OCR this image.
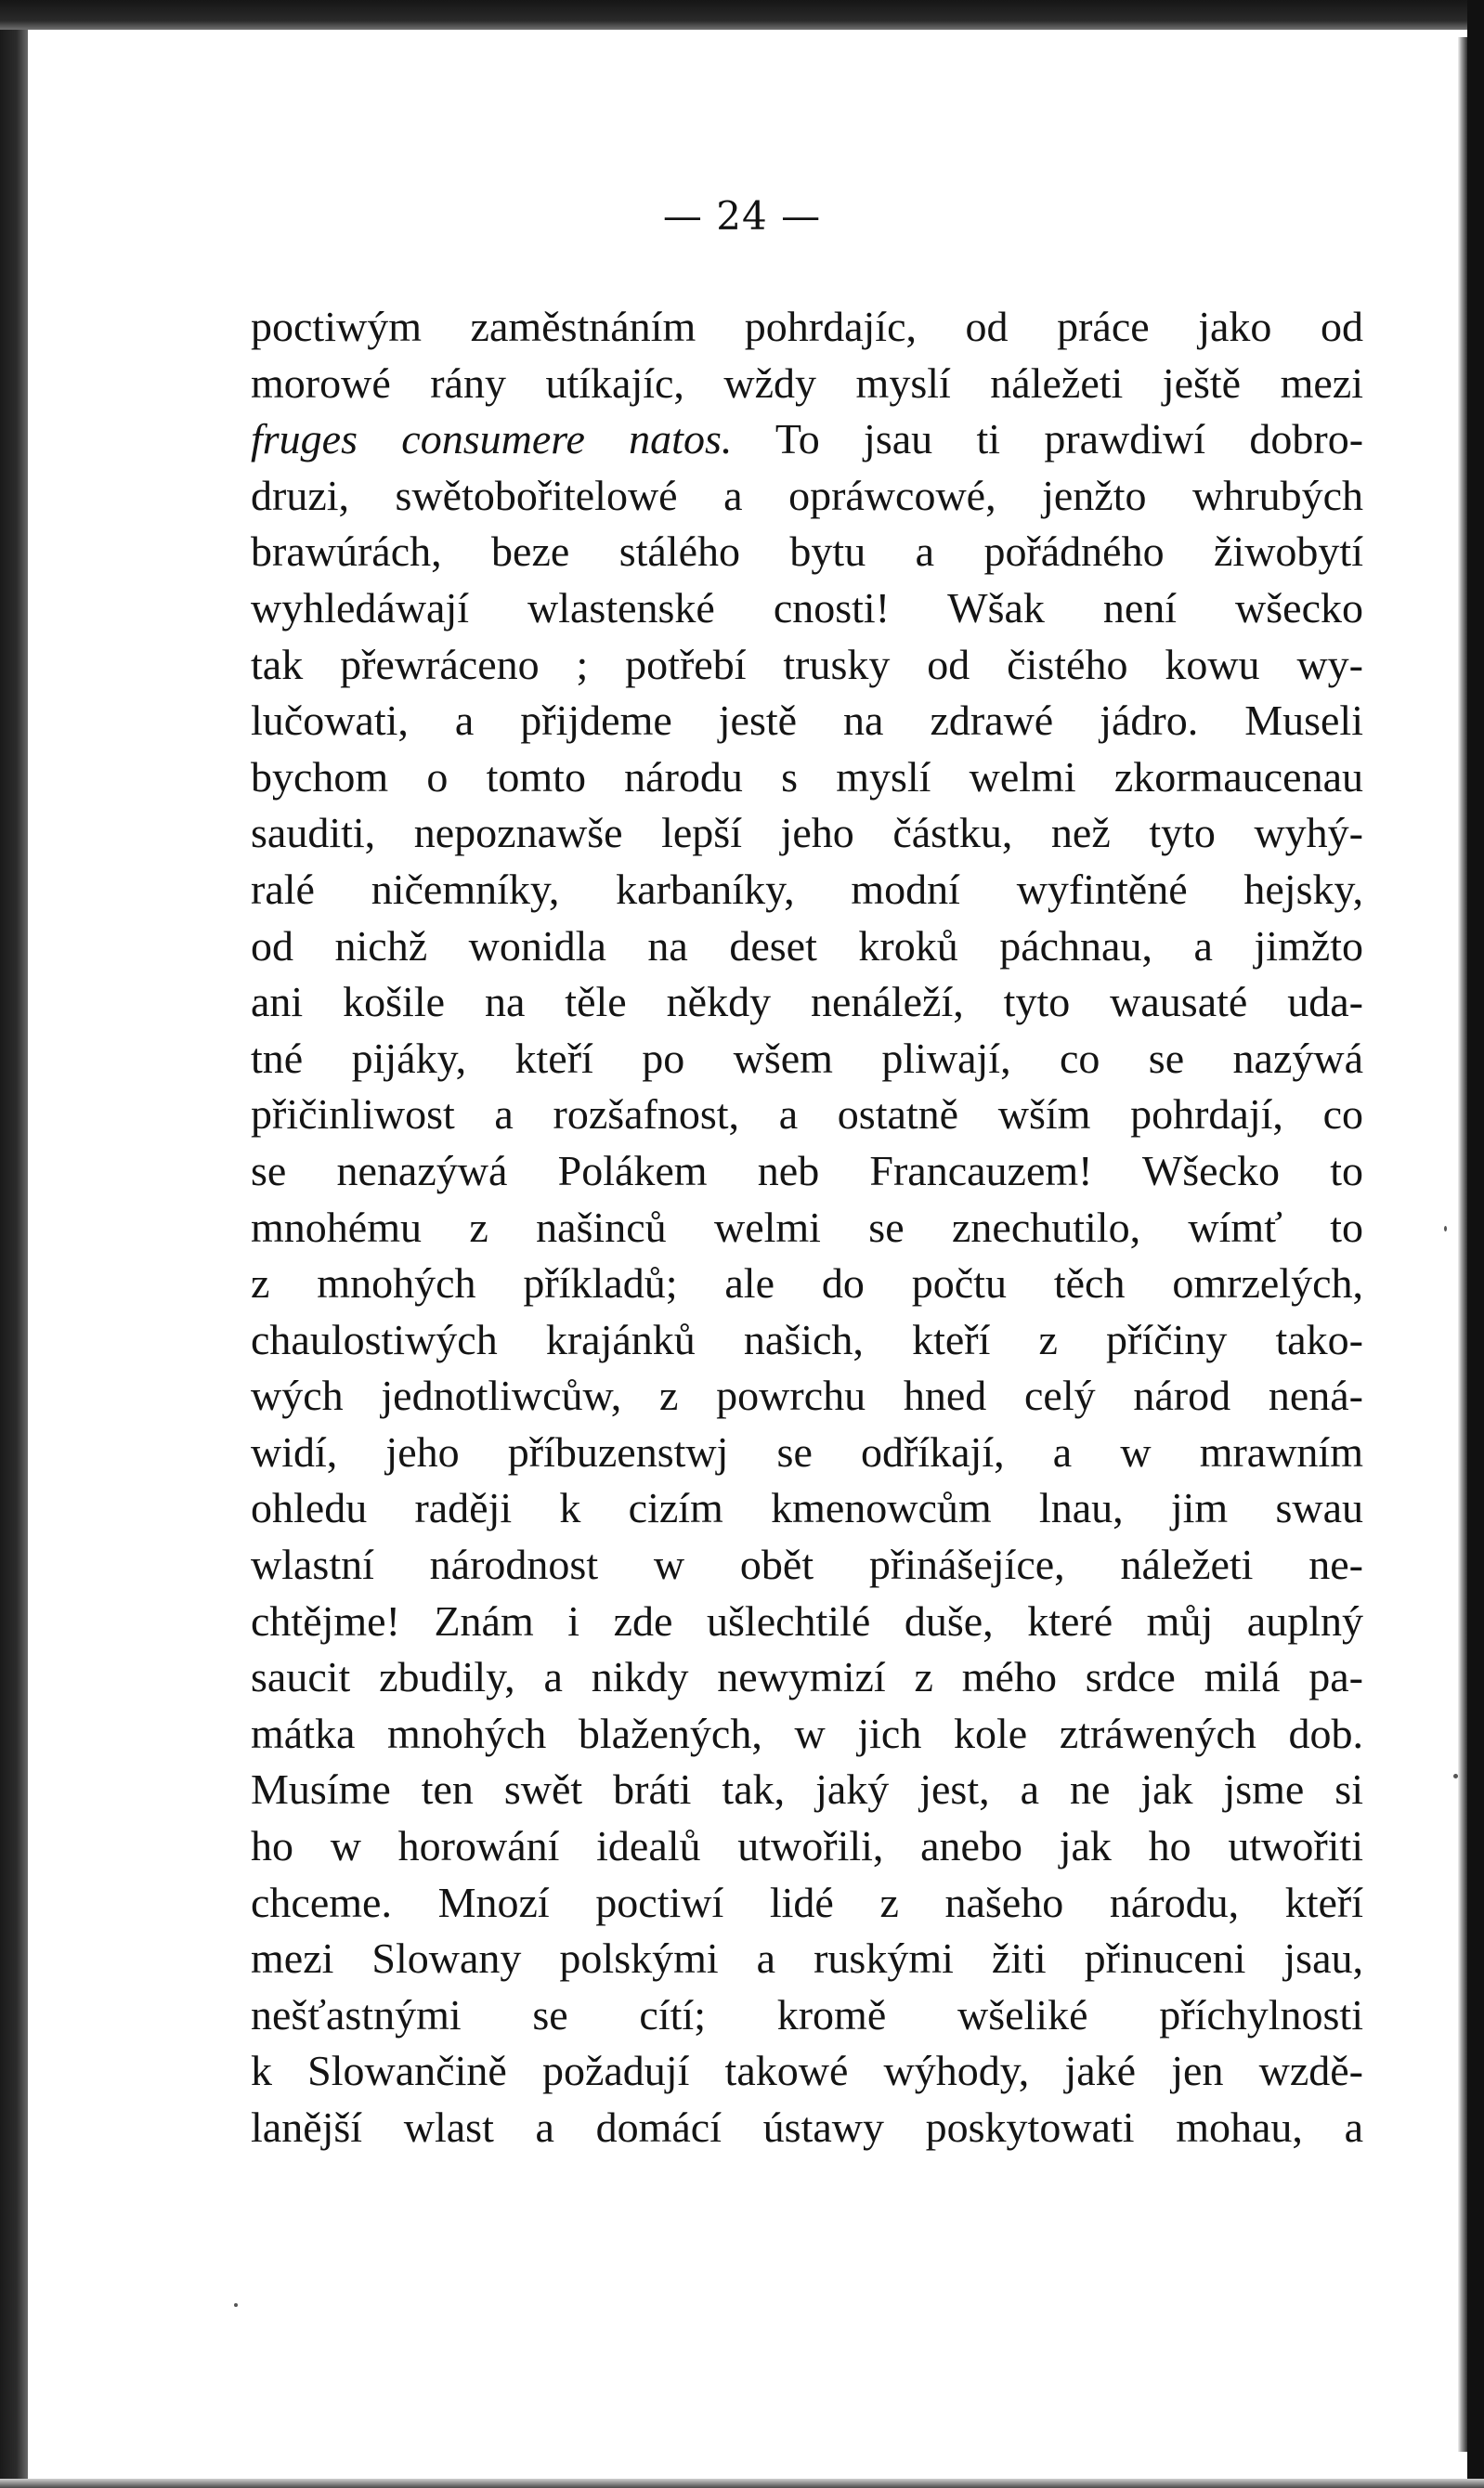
— 24 —
poctiwým zaměstnáním pohrdajíc, od práce jako od
morowé rány utíkajíc, wždy myslí náležeti ještě mezi
fruges consumere natos. To jsau ti prawdiwí dobro-
druzi, swětobořitelowé a opráwcowé, jenžto whrubých
brawúrách, beze stálého bytu a pořádného žiwobytí
wyhledáwají wlastenské cnosti! Wšak není wšecko
tak přewráceno ; potřebí trusky od čistého kowu wy-
lučowati, a přijdeme jestě na zdrawé jádro. Museli
bychom o tomto národu s myslí welmi zkormaucenau
sauditi, nepoznawše lepší jeho částku, než tyto wyhý-
ralé ničemníky, karbaníky, modní wyfintěné hejsky,
od nichž wonidla na deset kroků páchnau, a jimžto
ani košile na těle někdy nenáleží, tyto wausaté uda-
tné pijáky, kteří po wšem pliwají, co se nazýwá
přičinliwost a rozšafnost, a ostatně wším pohrdají, co
se nenazýwá Polákem neb Francauzem! Wšecko to
mnohému z našinců welmi se znechutilo, wímť to
z mnohých příkladů; ale do počtu těch omrzelých,
chaulostiwých krajánků našich, kteří z příčiny tako-
wých jednotliwcůw, z powrchu hned celý národ nená-
widí, jeho příbuzenstwj se odříkají, a w mrawním
ohledu raději k cizím kmenowcům lnau, jim swau
wlastní národnost w obět přinášejíce, náležeti ne-
chtějme! Znám i zde ušlechtilé duše, které můj auplný
saucit zbudily, a nikdy newymizí z mého srdce milá pa-
mátka mnohých blažených, w jich kole ztráwených dob.
Musíme ten swět bráti tak, jaký jest, a ne jak jsme si
ho w horowání idealů utwořili, anebo jak ho utwořiti
chceme. Mnozí poctiwí lidé z našeho národu, kteří
mezi Slowany polskými a ruskými žiti přinuceni jsau,
nešťastnými se cítí; kromě wšeliké příchylnosti
k Slowančině požadují takowé wýhody, jaké jen wzdě-
lanější wlast a domácí ústawy poskytowati mohau, a
